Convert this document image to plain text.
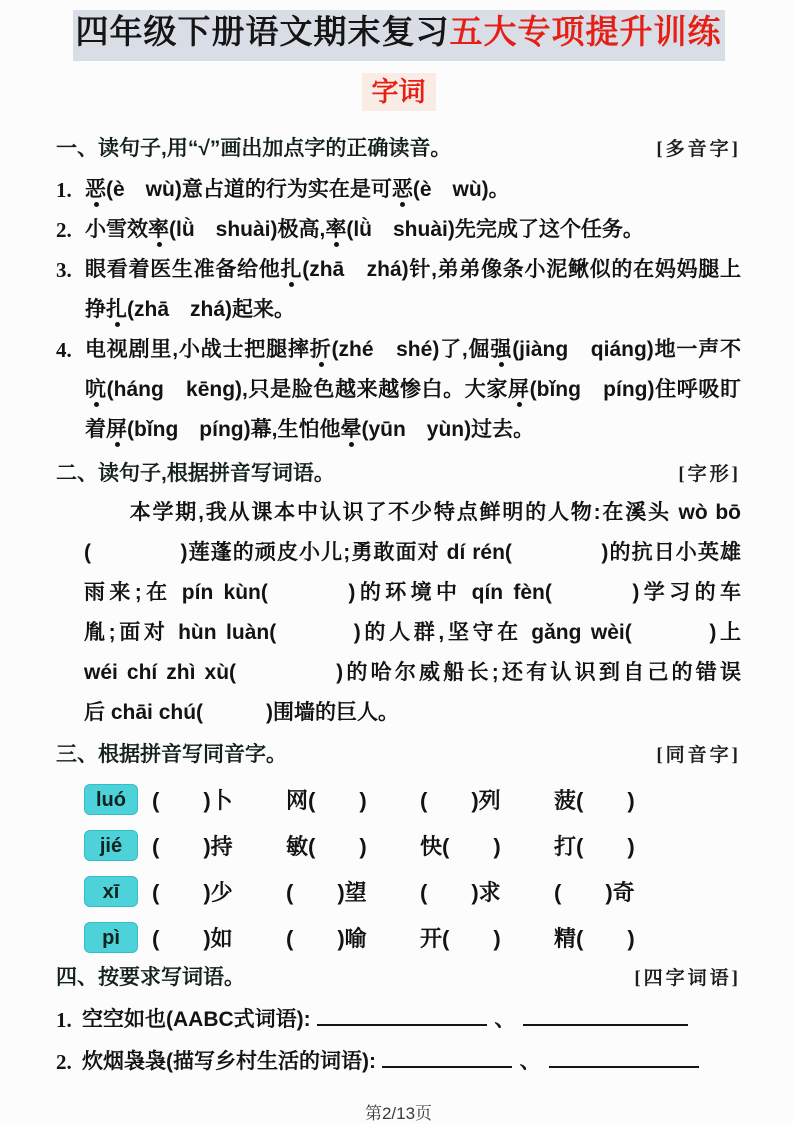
四年级下册语文期末复习五大专项提升训练
字词
一、读句子,用“√”画出加点字的正确读音。	[多音字]
1. 恶(è　wù)意占道的行为实在是可恶(è　wù)。
2. 小雪效率(lǜ　shuài)极高,率(lǜ　shuài)先完成了这个任务。
3. 眼看着医生准备给他扎(zhā　zhá)针,弟弟像条小泥鳅似的在妈妈腿上挣扎(zhā　zhá)起来。
4. 电视剧里,小战士把腿摔折(zhé　shé)了,倔强(jiàng　qiáng)地一声不吭(háng　kēng),只是脸色越来越惨白。大家屏(bǐng　píng)住呼吸盯着屏(bǐng　píng)幕,生怕他晕(yūn　yùn)过去。
二、读句子,根据拼音写词语。	[字形]
　　本学期,我从课本中认识了不少特点鲜明的人物:在溪头 wò bō
(　　　　)莲蓬的顽皮小儿;勇敢面对 dí rén(　　　　)的抗日小英雄
雨来;在 pín kùn(　　　)的环境中 qín fèn(　　　)学习的车
胤;面对 hùn luàn(　　　)的人群,坚守在 gǎng wèi(　　　)上
wéi chí zhì xù(　　　　)的哈尔威船长;还有认识到自己的错误
后 chāi chú(　　　)围墙的巨人。
三、根据拼音写同音字。	[同音字]
luó	(　　)卜	网(　　)	(　　)列	菠(　　)
jié	(　　)持	敏(　　)	快(　　)	打(　　)
xī	(　　)少	(　　)望	(　　)求	(　　)奇
pì	(　　)如	(　　)喻	开(　　)	精(　　)
四、按要求写词语。	[四字词语]
1. 空空如也(AABC式词语):	、
2. 炊烟袅袅(描写乡村生活的词语):	、
第2/13页
